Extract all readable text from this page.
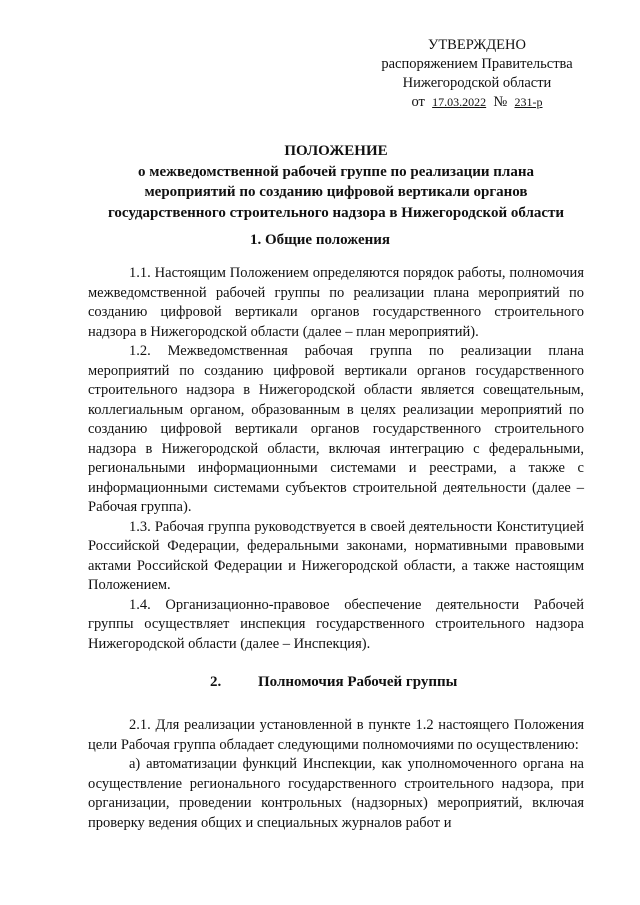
УТВЕРЖДЕНО
распоряжением Правительства
Нижегородской области
от 17.03.2022 № 231-р
ПОЛОЖЕНИЕ
о межведомственной рабочей группе по реализации плана
мероприятий по созданию цифровой вертикали органов
государственного строительного надзора в Нижегородской области
1. Общие положения

1.1. Настоящим Положением определяются порядок работы, полномочия межведомственной рабочей группы по реализации плана мероприятий по созданию цифровой вертикали органов государственного строительного надзора в Нижегородской области (далее – план мероприятий).

1.2. Межведомственная рабочая группа по реализации плана мероприятий по созданию цифровой вертикали органов государственного строительного надзора в Нижегородской области является совещательным, коллегиальным органом, образованным в целях реализации мероприятий по созданию цифровой вертикали органов государственного строительного надзора в Нижегородской области, включая интеграцию с федеральными, региональными информационными системами и реестрами, а также с информационными системами субъектов строительной деятельности (далее – Рабочая группа).

1.3. Рабочая группа руководствуется в своей деятельности Конституцией Российской Федерации, федеральными законами, нормативными правовыми актами Российской Федерации и Нижегородской области, а также настоящим Положением.

1.4. Организационно-правовое обеспечение деятельности Рабочей группы осуществляет инспекция государственного строительного надзора Нижегородской области (далее – Инспекция).

2. Полномочия Рабочей группы

2.1. Для реализации установленной в пункте 1.2 настоящего Положения цели Рабочая группа обладает следующими полномочиями по осуществлению:

а) автоматизации функций Инспекции, как уполномоченного органа на осуществление регионального государственного строительного надзора, при организации, проведении контрольных (надзорных) мероприятий, включая проверку ведения общих и специальных журналов работ и
